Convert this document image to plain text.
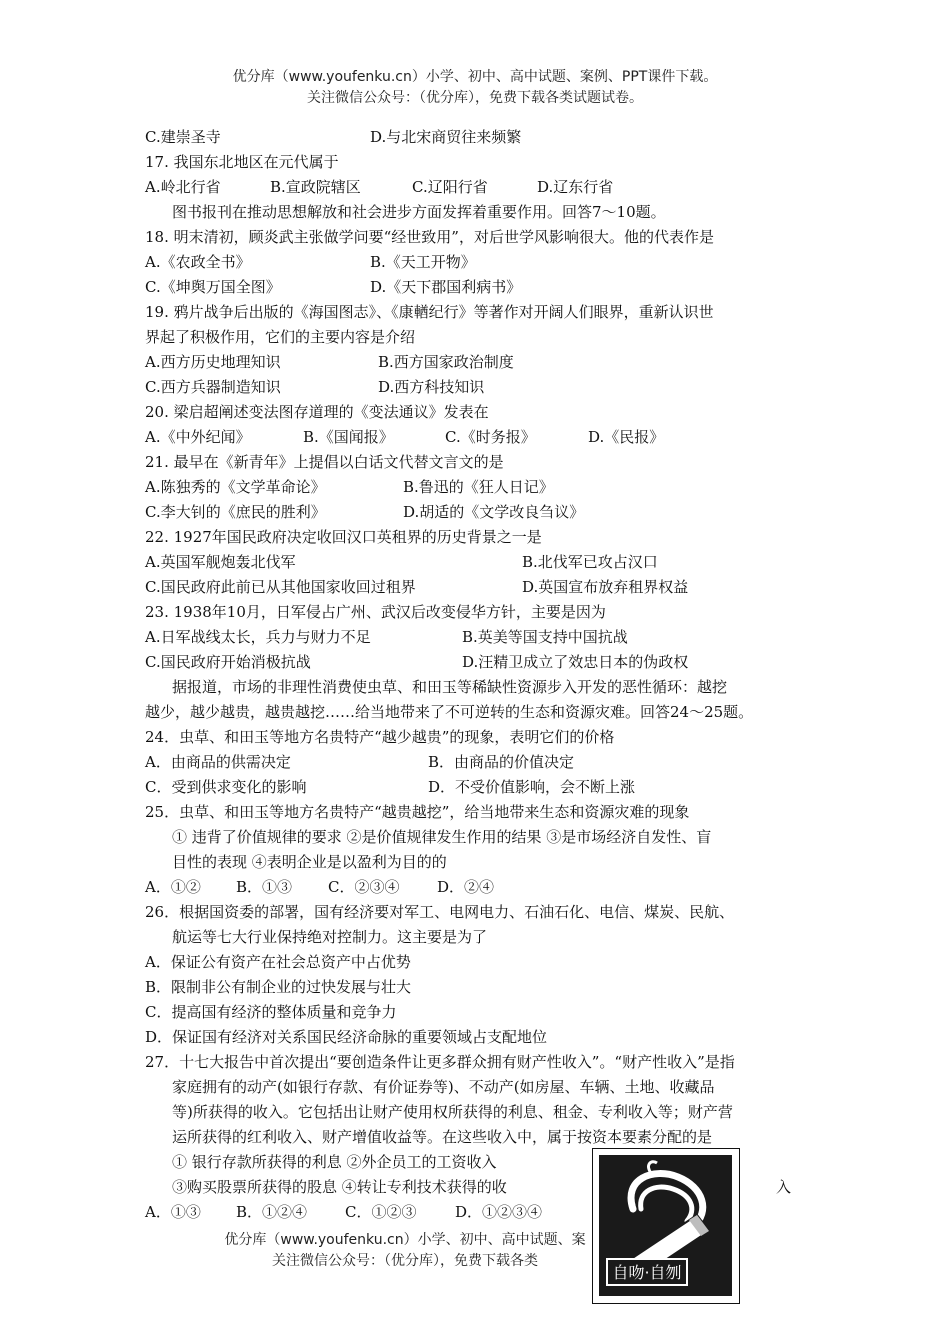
优分库（www.youfenku.cn）小学、初中、高中试题、案例、PPT课件下载。
关注微信公众号：（优分库），免费下载各类试题试卷。
C.建崇圣寺	D.与北宋商贸往来频繁
17. 我国东北地区在元代属于
A.岭北行省	B.宣政院辖区	C.辽阳行省	D.辽东行省
图书报刊在推动思想解放和社会进步方面发挥着重要作用。回答7～10题。
18. 明末清初，顾炎武主张做学问要“经世致用”，对后世学风影响很大。他的代表作是
A.《农政全书》	B.《天工开物》
C.《坤舆万国全图》	D.《天下郡国利病书》
19. 鸦片战争后出版的《海国图志》、《康輶纪行》等著作对开阔人们眼界，重新认识世
界起了积极作用，它们的主要内容是介绍
A.西方历史地理知识	B.西方国家政治制度
C.西方兵器制造知识	D.西方科技知识
20. 梁启超阐述变法图存道理的《变法通议》发表在
A.《中外纪闻》	B.《国闻报》	C.《时务报》	D.《民报》
21. 最早在《新青年》上提倡以白话文代替文言文的是
A.陈独秀的《文学革命论》	B.鲁迅的《狂人日记》
C.李大钊的《庶民的胜利》	D.胡适的《文学改良刍议》
22. 1927年国民政府决定收回汉口英租界的历史背景之一是
A.英国军舰炮轰北伐军	B.北伐军已攻占汉口
C.国民政府此前已从其他国家收回过租界	D.英国宣布放弃租界权益
23. 1938年10月，日军侵占广州、武汉后改变侵华方针，主要是因为
A.日军战线太长，兵力与财力不足	B.英美等国支持中国抗战
C.国民政府开始消极抗战	D.汪精卫成立了效忠日本的伪政权
据报道，市场的非理性消费使虫草、和田玉等稀缺性资源步入开发的恶性循环：越挖
越少，越少越贵，越贵越挖……给当地带来了不可逆转的生态和资源灾难。回答24～25题。
24．虫草、和田玉等地方名贵特产“越少越贵”的现象，表明它们的价格
A．由商品的供需决定	B．由商品的价值决定
C．受到供求变化的影响	D．不受价值影响，会不断上涨
25．虫草、和田玉等地方名贵特产“越贵越挖”，给当地带来生态和资源灾难的现象
① 违背了价值规律的要求 ②是价值规律发生作用的结果 ③是市场经济自发性、盲
目性的表现 ④表明企业是以盈利为目的的
A．①② B．①③ C．②③④	D．②④
26．根据国资委的部署，国有经济要对军工、电网电力、石油石化、电信、煤炭、民航、
航运等七大行业保持绝对控制力。这主要是为了
A．保证公有资产在社会总资产中占优势
B．限制非公有制企业的过快发展与壮大
C．提高国有经济的整体质量和竞争力
D．保证国有经济对关系国民经济命脉的重要领域占支配地位
27．十七大报告中首次提出“要创造条件让更多群众拥有财产性收入”。“财产性收入”是指
家庭拥有的动产(如银行存款、有价证券等)、不动产(如房屋、车辆、土地、收藏品
等)所获得的收入。它包括出让财产使用权所获得的利息、租金、专利收入等；财产营
运所获得的红利收入、财产增值收益等。在这些收入中，属于按资本要素分配的是
① 银行存款所获得的利息 ②外企员工的工资收入
③购买股票所获得的股息 ④转让专利技术获得的收	入
A．①③ B．①②④	C．①②③	D．①②③④
优分库（www.youfenku.cn）小学、初中、高中试题、案
关注微信公众号：（优分库），免费下载各类
自吻·自刎
